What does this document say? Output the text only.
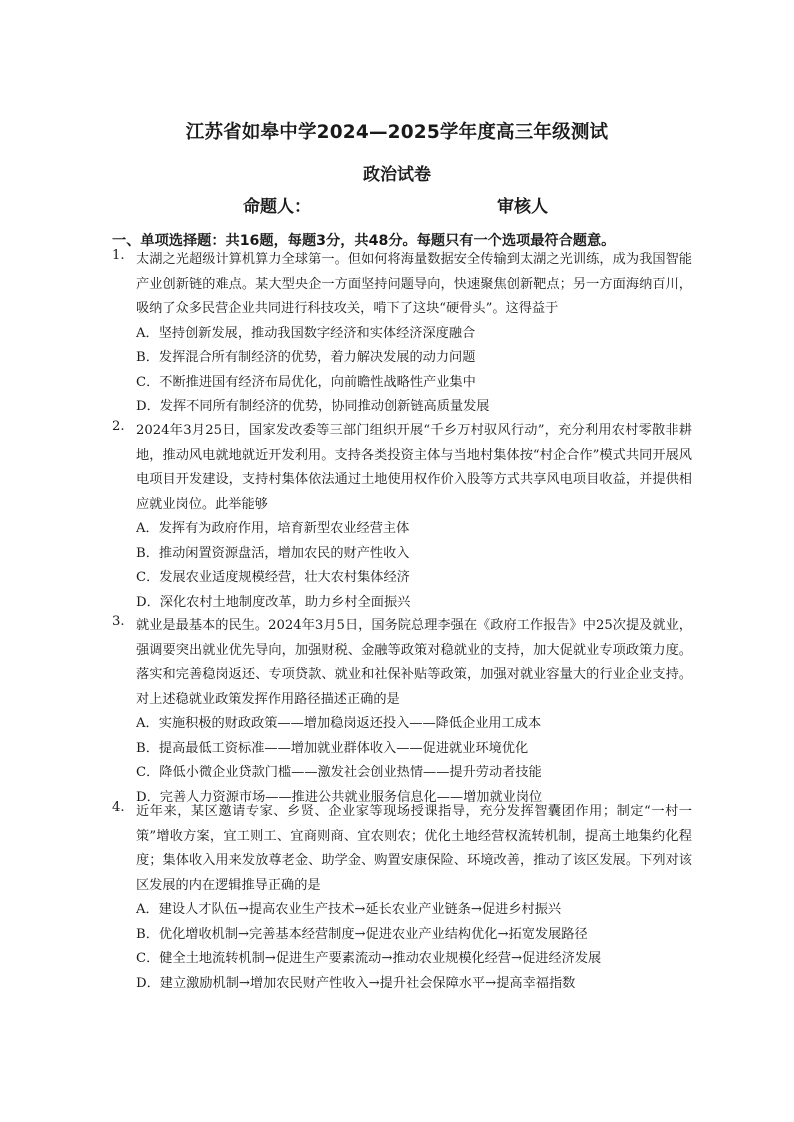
江苏省如皋中学2024—2025学年度高三年级测试
政治试卷
命题人：	审核人
一、单项选择题：共16题，每题3分，共48分。每题只有一个选项最符合题意。
1. 太湖之光超级计算机算力全球第一。但如何将海量数据安全传输到太湖之光训练，成为我国智能产业创新链的难点。某大型央企一方面坚持问题导向，快速聚焦创新靶点；另一方面海纳百川，吸纳了众多民营企业共同进行科技攻关，啃下了这块“硬骨头”。这得益于
A．坚持创新发展，推动我国数字经济和实体经济深度融合
B．发挥混合所有制经济的优势，着力解决发展的动力问题
C．不断推进国有经济布局优化，向前瞻性战略性产业集中
D．发挥不同所有制经济的优势，协同推动创新链高质量发展
2. 2024年3月25日，国家发改委等三部门组织开展“千乡万村驭风行动”，充分利用农村零散非耕地，推动风电就地就近开发利用。支持各类投资主体与当地村集体按“村企合作”模式共同开展风电项目开发建设，支持村集体依法通过土地使用权作价入股等方式共享风电项目收益，并提供相应就业岗位。此举能够
A．发挥有为政府作用，培育新型农业经营主体
B．推动闲置资源盘活，增加农民的财产性收入
C．发展农业适度规模经营，壮大农村集体经济
D．深化农村土地制度改革，助力乡村全面振兴
3. 就业是最基本的民生。2024年3月5日，国务院总理李强在《政府工作报告》中25次提及就业，强调要突出就业优先导向，加强财税、金融等政策对稳就业的支持，加大促就业专项政策力度。落实和完善稳岗返还、专项贷款、就业和社保补贴等政策，加强对就业容量大的行业企业支持。对上述稳就业政策发挥作用路径描述正确的是
A．实施积极的财政政策——增加稳岗返还投入——降低企业用工成本
B．提高最低工资标准——增加就业群体收入——促进就业环境优化
C．降低小微企业贷款门槛——激发社会创业热情——提升劳动者技能
D．完善人力资源市场——推进公共就业服务信息化——增加就业岗位
4. 近年来，某区邀请专家、乡贤、企业家等现场授课指导，充分发挥智囊团作用；制定“一村一策”增收方案，宜工则工、宜商则商、宜农则农；优化土地经营权流转机制，提高土地集约化程度；集体收入用来发放尊老金、助学金、购置安康保险、环境改善，推动了该区发展。下列对该区发展的内在逻辑推导正确的是
A．建设人才队伍→提高农业生产技术→延长农业产业链条→促进乡村振兴
B．优化增收机制→完善基本经营制度→促进农业产业结构优化→拓宽发展路径
C．健全土地流转机制→促进生产要素流动→推动农业规模化经营→促进经济发展
D．建立激励机制→增加农民财产性收入→提升社会保障水平→提高幸福指数
